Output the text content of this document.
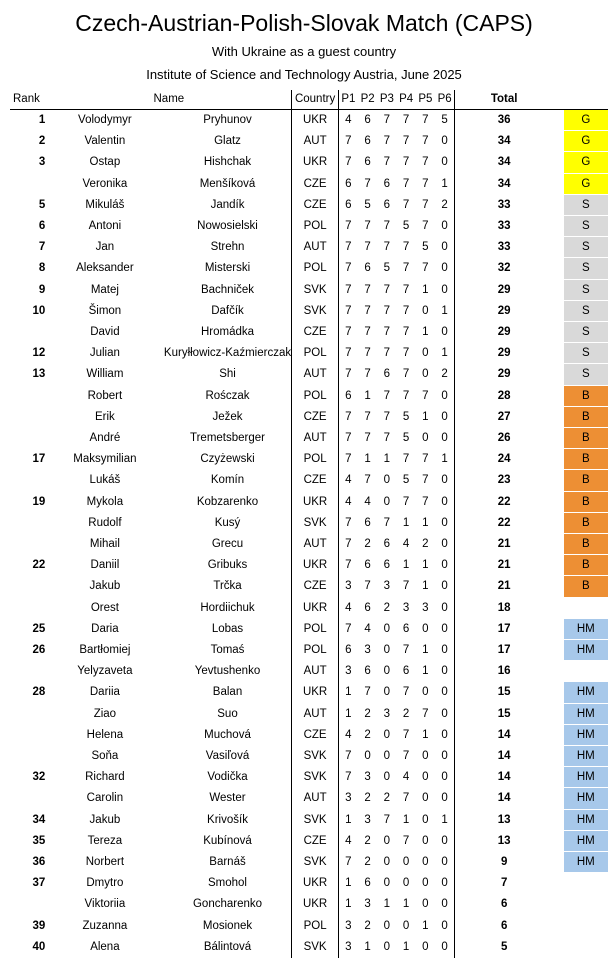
Czech-Austrian-Polish-Slovak Match (CAPS)
With Ukraine as a guest country
Institute of Science and Technology Austria, June 2025
Rank	Name		Country	P1	P2	P3	P4	P5	P6	Total		
1	Volodymyr	Pryhunov	UKR	4	6	7	7	7	5	36		G
2	Valentin	Glatz	AUT	7	6	7	7	7	0	34		G
3	Ostap	Hishchak	UKR	7	6	7	7	7	0	34		G
	Veronika	Menšíková	CZE	6	7	6	7	7	1	34		G
5	Mikuláš	Jandík	CZE	6	5	6	7	7	2	33		S
6	Antoni	Nowosielski	POL	7	7	7	5	7	0	33		S
7	Jan	Strehn	AUT	7	7	7	7	5	0	33		S
8	Aleksander	Misterski	POL	7	6	5	7	7	0	32		S
9	Matej	Bachniček	SVK	7	7	7	7	1	0	29		S
10	Šimon	Dafčík	SVK	7	7	7	7	0	1	29		S
	David	Hromádka	CZE	7	7	7	7	1	0	29		S
12	Julian	Kuryłłowicz-Kaźmierczak	POL	7	7	7	7	0	1	29		S
13	William	Shi	AUT	7	7	6	7	0	2	29		S
	Robert	Rośczak	POL	6	1	7	7	7	0	28		B
	Erik	Ježek	CZE	7	7	7	5	1	0	27		B
	André	Tremetsberger	AUT	7	7	7	5	0	0	26		B
17	Maksymilian	Czyżewski	POL	7	1	1	7	7	1	24		B
	Lukáš	Komín	CZE	4	7	0	5	7	0	23		B
19	Mykola	Kobzarenko	UKR	4	4	0	7	7	0	22		B
	Rudolf	Kusý	SVK	7	6	7	1	1	0	22		B
	Mihail	Grecu	AUT	7	2	6	4	2	0	21		B
22	Daniil	Gribuks	UKR	7	6	6	1	1	0	21		B
	Jakub	Trčka	CZE	3	7	3	7	1	0	21		B
	Orest	Hordiichuk	UKR	4	6	2	3	3	0	18		
25	Daria	Lobas	POL	7	4	0	6	0	0	17		HM
26	Bartłomiej	Tomaś	POL	6	3	0	7	1	0	17		HM
	Yelyzaveta	Yevtushenko	AUT	3	6	0	6	1	0	16		
28	Dariia	Balan	UKR	1	7	0	7	0	0	15		HM
	Ziao	Suo	AUT	1	2	3	2	7	0	15		HM
	Helena	Muchová	CZE	4	2	0	7	1	0	14		HM
	Soňa	Vasiľová	SVK	7	0	0	7	0	0	14		HM
32	Richard	Vodička	SVK	7	3	0	4	0	0	14		HM
	Carolin	Wester	AUT	3	2	2	7	0	0	14		HM
34	Jakub	Krivošík	SVK	1	3	7	1	0	1	13		HM
35	Tereza	Kubínová	CZE	4	2	0	7	0	0	13		HM
36	Norbert	Barnáš	SVK	7	2	0	0	0	0	9		HM
37	Dmytro	Smohol	UKR	1	6	0	0	0	0	7		
	Viktoriia	Goncharenko	UKR	1	3	1	1	0	0	6		
39	Zuzanna	Mosionek	POL	3	2	0	0	1	0	6		
40	Alena	Bálintová	SVK	3	1	0	1	0	0	5		
